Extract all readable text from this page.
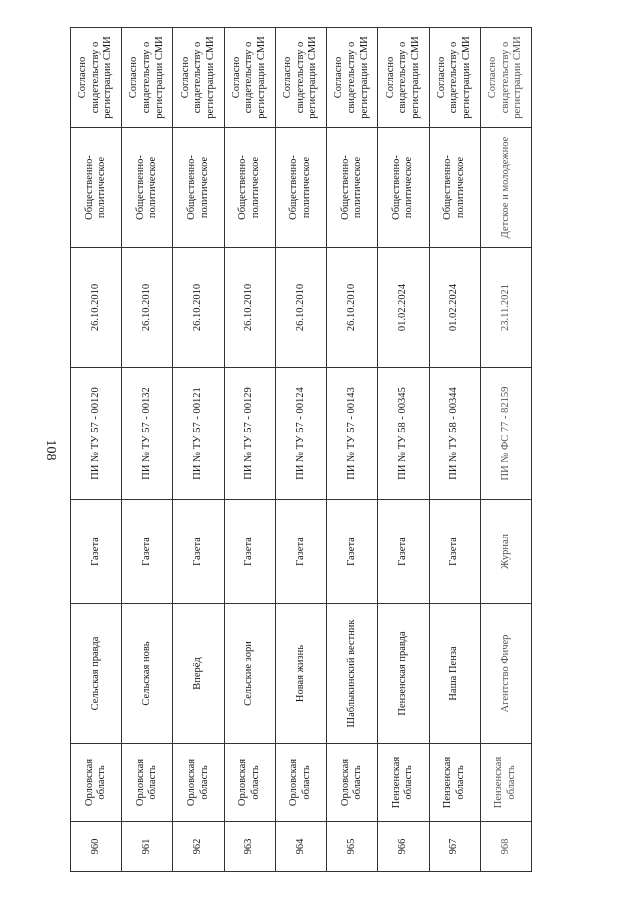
108
960	Орловская область	Сельская правда	Газета	ПИ № ТУ 57 - 00120	26.10.2010	Общественно-политическое	Согласно свидетельству о регистрации СМИ
961	Орловская область	Сельская новь	Газета	ПИ № ТУ 57 - 00132	26.10.2010	Общественно-политическое	Согласно свидетельству о регистрации СМИ
962	Орловская область	Вперёд	Газета	ПИ № ТУ 57 - 00121	26.10.2010	Общественно-политическое	Согласно свидетельству о регистрации СМИ
963	Орловская область	Сельские зори	Газета	ПИ № ТУ 57 - 00129	26.10.2010	Общественно-политическое	Согласно свидетельству о регистрации СМИ
964	Орловская область	Новая жизнь	Газета	ПИ № ТУ 57 - 00124	26.10.2010	Общественно-политическое	Согласно свидетельству о регистрации СМИ
965	Орловская область	Шаблыкинский вестник	Газета	ПИ № ТУ 57 - 00143	26.10.2010	Общественно-политическое	Согласно свидетельству о регистрации СМИ
966	Пензенская область	Пензенская правда	Газета	ПИ № ТУ 58 - 00345	01.02.2024	Общественно-политическое	Согласно свидетельству о регистрации СМИ
967	Пензенская область	Наша Пенза	Газета	ПИ № ТУ 58 - 00344	01.02.2024	Общественно-политическое	Согласно свидетельству о регистрации СМИ
968	Пензенская область	Агентство Фичер	Журнал	ПИ № ФС 77 - 82159	23.11.2021	Детское и молодежное	Согласно свидетельству о регистрации СМИ
